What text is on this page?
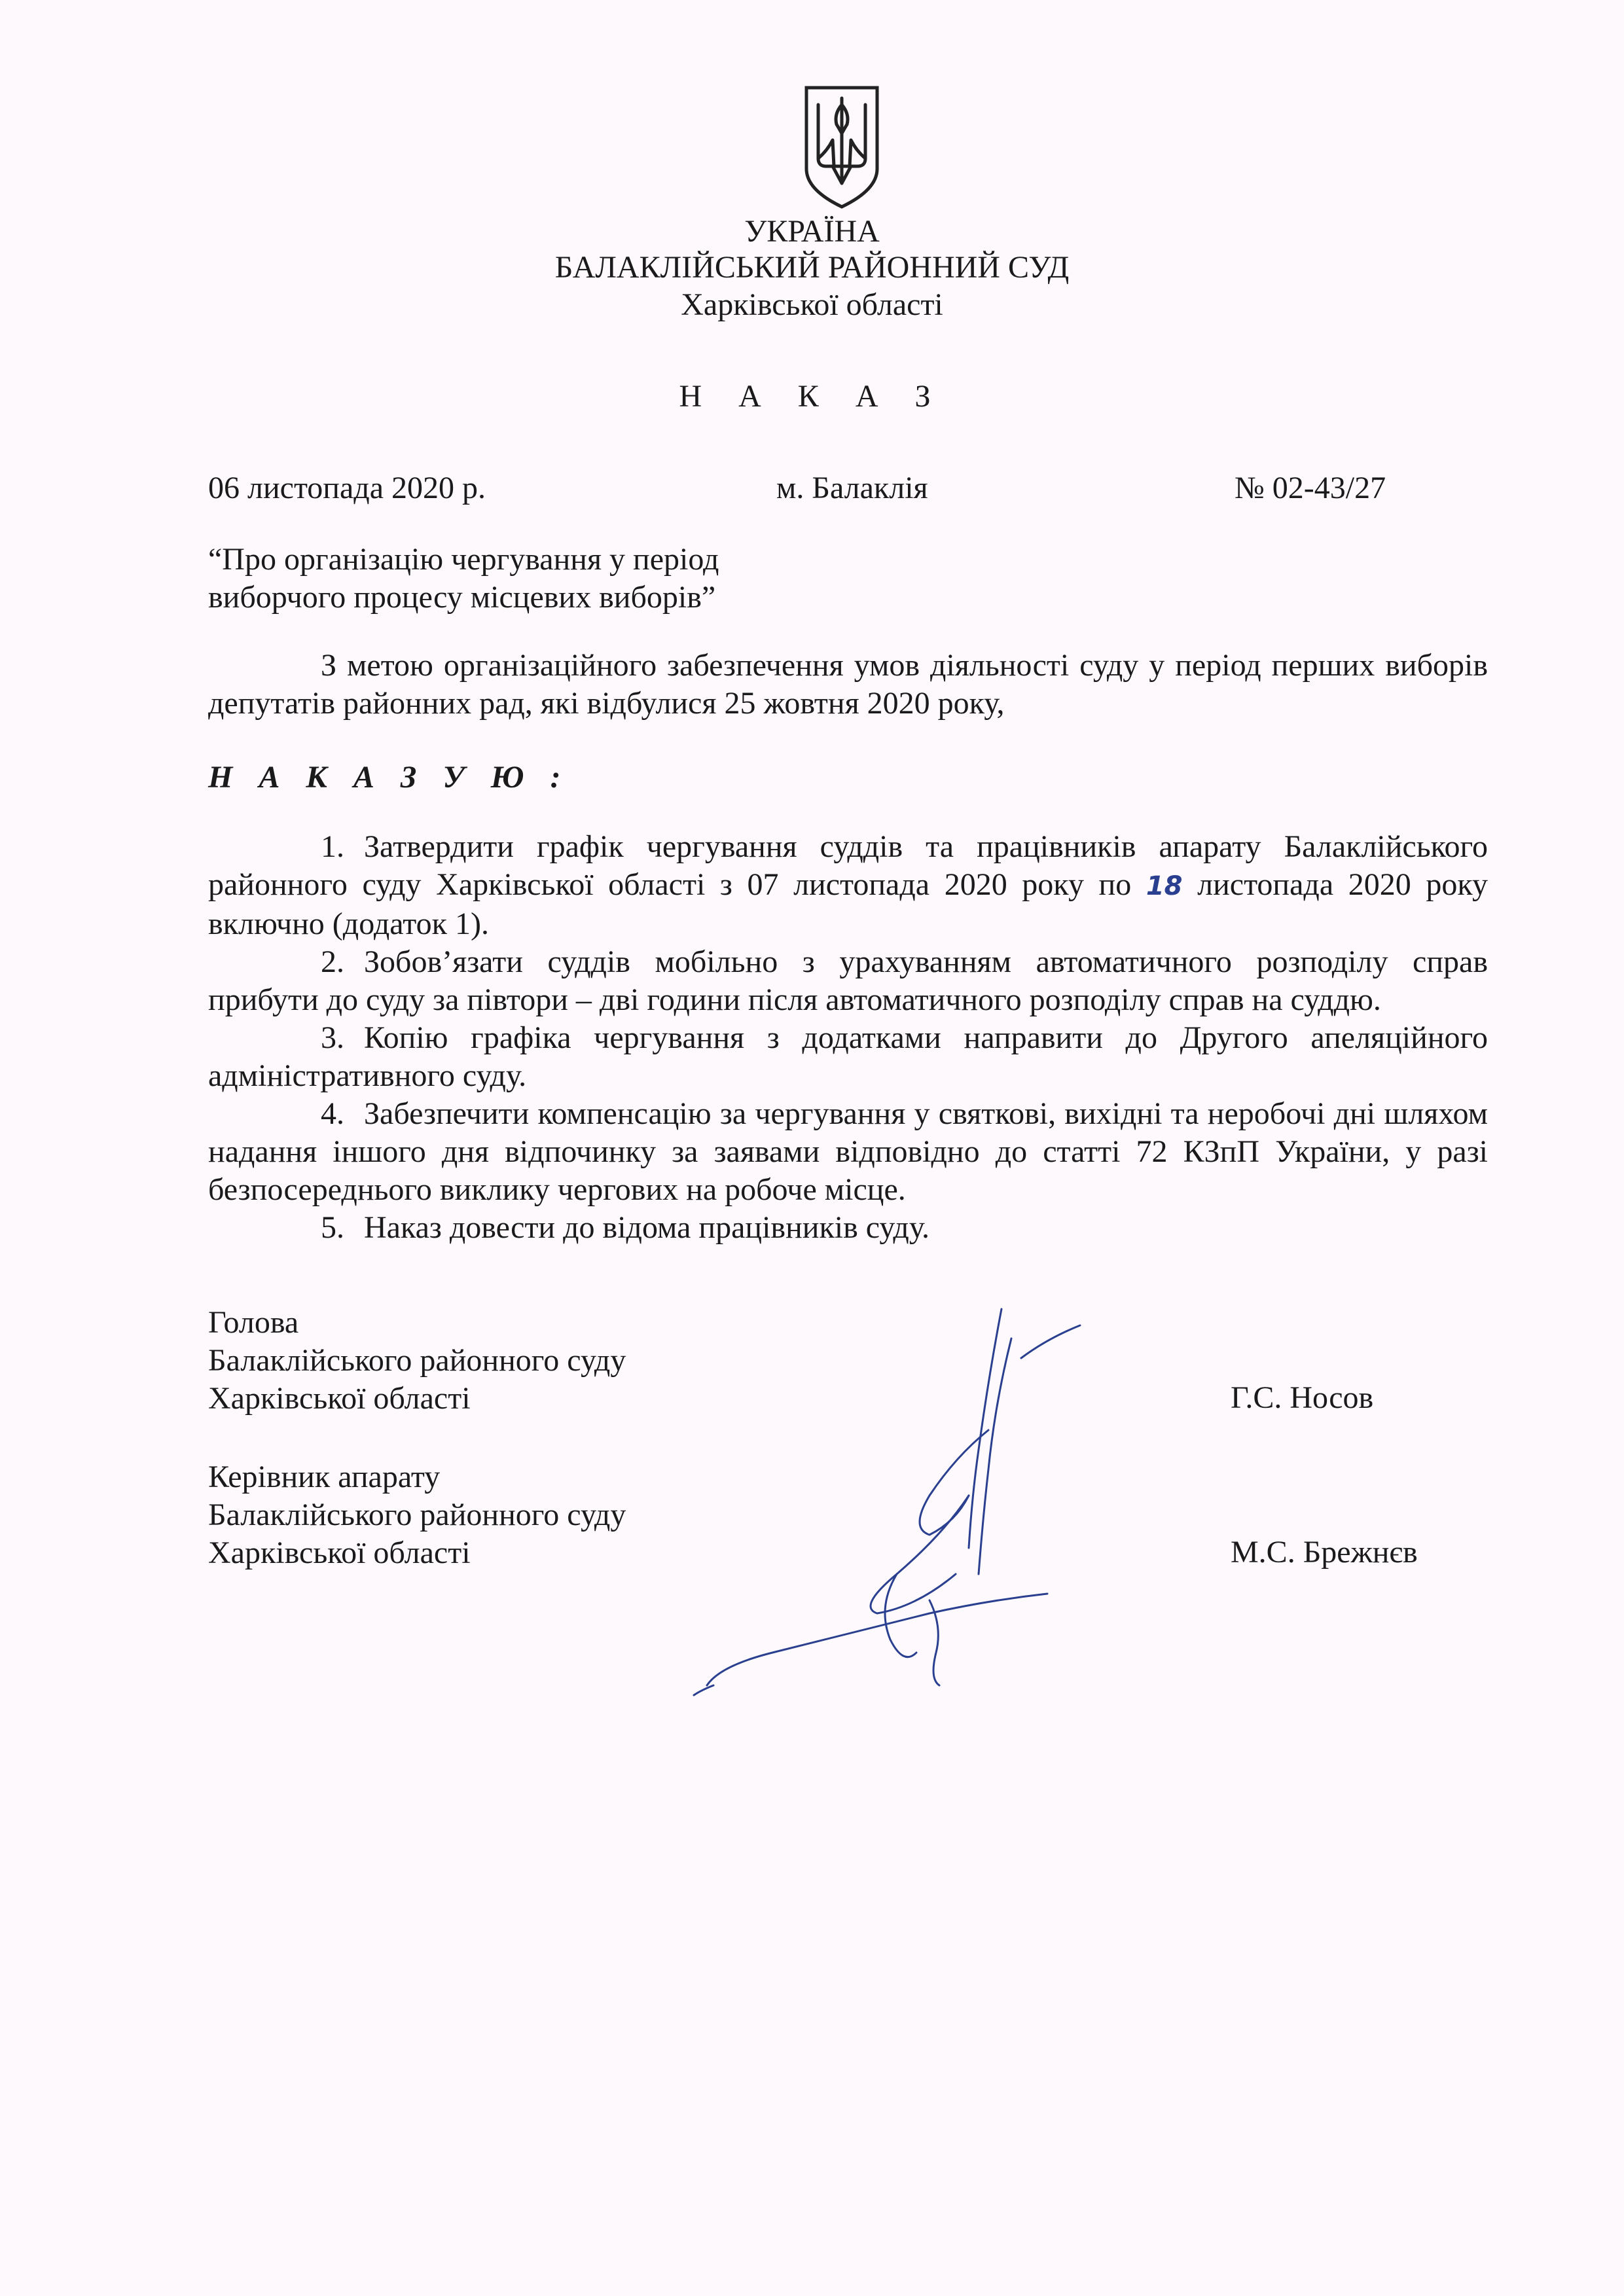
УКРАЇНА
БАЛАКЛІЙСЬКИЙ РАЙОННИЙ СУД
Харківської області
Н А К А З
06 листопада 2020 р.	м. Балаклія	№ 02-43/27
“Про організацію чергування у період
виборчого процесу місцевих виборів”
З метою організаційного забезпечення умов діяльності суду у період перших виборів депутатів районних рад, які відбулися 25 жовтня 2020 року,
Н А К А З У Ю :
1. Затвердити графік чергування суддів та працівників апарату Балаклійського районного суду Харківської області з 07 листопада 2020 року по 18 листопада 2020 року включно (додаток 1).
2. Зобов’язати суддів мобільно з урахуванням автоматичного розподілу справ прибути до суду за півтори – дві години після автоматичного розподілу справ на суддю.
3. Копію графіка чергування з додатками направити до Другого апеляційного адміністративного суду.
4. Забезпечити компенсацію за чергування у святкові, вихідні та неробочі дні шляхом надання іншого дня відпочинку за заявами відповідно до статті 72 КЗпП України, у разі безпосереднього виклику чергових на робоче місце.
5. Наказ довести до відома працівників суду.
Голова
Балаклійського районного суду
Харківської області	Г.С. Носов
Керівник апарату
Балаклійського районного суду
Харківської області	М.С. Брежнєв
